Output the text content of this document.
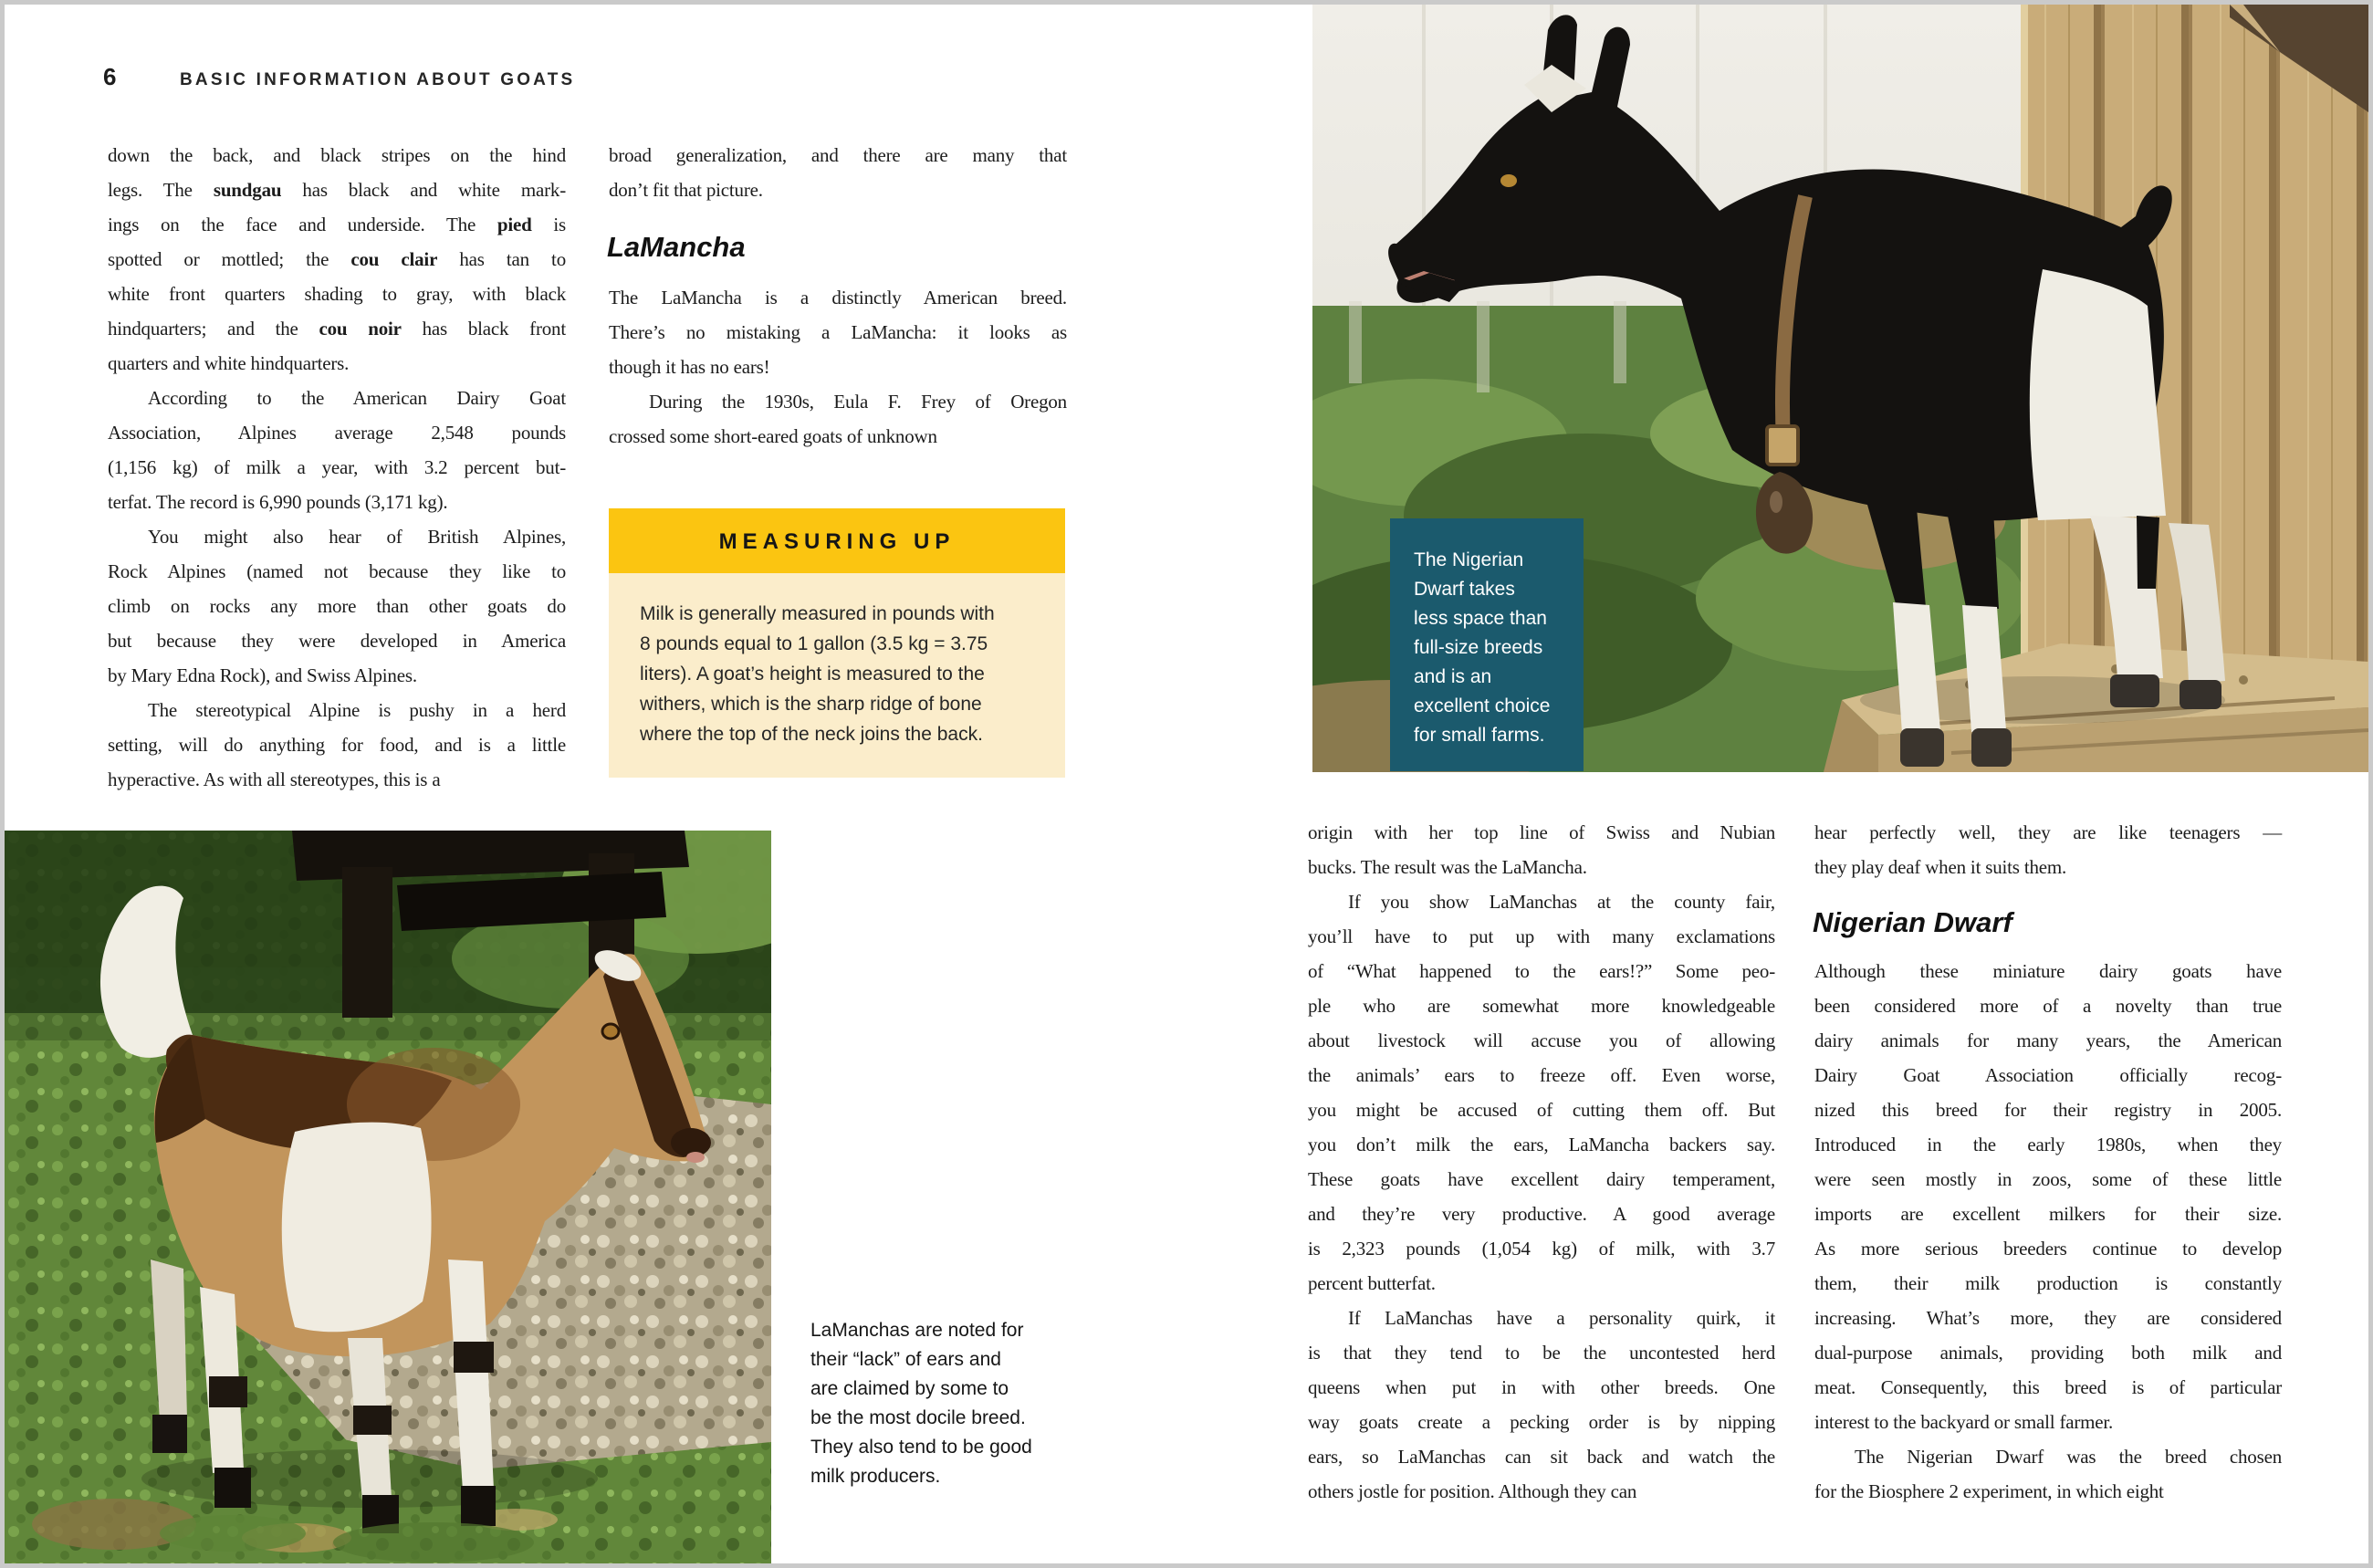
6	BASIC INFORMATION ABOUT GOATS
down the back, and black stripes on the hind
legs. The sundgau has black and white mark-
ings on the face and underside. The pied is
spotted or mottled; the cou clair has tan to
white front quarters shading to gray, with black
hindquarters; and the cou noir has black front
quarters and white hindquarters.
According to the American Dairy Goat
Association, Alpines average 2,548 pounds
(1,156 kg) of milk a year, with 3.2 percent but-
terfat. The record is 6,990 pounds (3,171 kg).
You might also hear of British Alpines,
Rock Alpines (named not because they like to
climb on rocks any more than other goats do
but because they were developed in America
by Mary Edna Rock), and Swiss Alpines.
The stereotypical Alpine is pushy in a herd
setting, will do anything for food, and is a little
hyperactive. As with all stereotypes, this is a
broad generalization, and there are many that
don’t fit that picture.
LaMancha
The LaMancha is a distinctly American breed.
There’s no mistaking a LaMancha: it looks as
though it has no ears!
During the 1930s, Eula F. Frey of Oregon
crossed some short-eared goats of unknown
MEASURING UP
Milk is generally measured in pounds with
8 pounds equal to 1 gallon (3.5 kg = 3.75
liters). A goat’s height is measured to the
withers, which is the sharp ridge of bone
where the top of the neck joins the back.
LaManchas are noted for
their “lack” of ears and
are claimed by some to
be the most docile breed.
They also tend to be good
milk producers.
The Nigerian
Dwarf takes
less space than
full-size breeds
and is an
excellent choice
for small farms.
origin with her top line of Swiss and Nubian
bucks. The result was the LaMancha.
If you show LaManchas at the county fair,
you’ll have to put up with many exclamations
of “What happened to the ears!?” Some peo-
ple who are somewhat more knowledgeable
about livestock will accuse you of allowing
the animals’ ears to freeze off. Even worse,
you might be accused of cutting them off. But
you don’t milk the ears, LaMancha backers say.
These goats have excellent dairy temperament,
and they’re very productive. A good average
is 2,323 pounds (1,054 kg) of milk, with 3.7
percent butterfat.
If LaManchas have a personality quirk, it
is that they tend to be the uncontested herd
queens when put in with other breeds. One
way goats create a pecking order is by nipping
ears, so LaManchas can sit back and watch the
others jostle for position. Although they can
hear perfectly well, they are like teenagers —
they play deaf when it suits them.
Nigerian Dwarf
Although these miniature dairy goats have
been considered more of a novelty than true
dairy animals for many years, the American
Dairy Goat Association officially recog-
nized this breed for their registry in 2005.
Introduced in the early 1980s, when they
were seen mostly in zoos, some of these little
imports are excellent milkers for their size.
As more serious breeders continue to develop
them, their milk production is constantly
increasing. What’s more, they are considered
dual-purpose animals, providing both milk and
meat. Consequently, this breed is of particular
interest to the backyard or small farmer.
The Nigerian Dwarf was the breed chosen
for the Biosphere 2 experiment, in which eight
